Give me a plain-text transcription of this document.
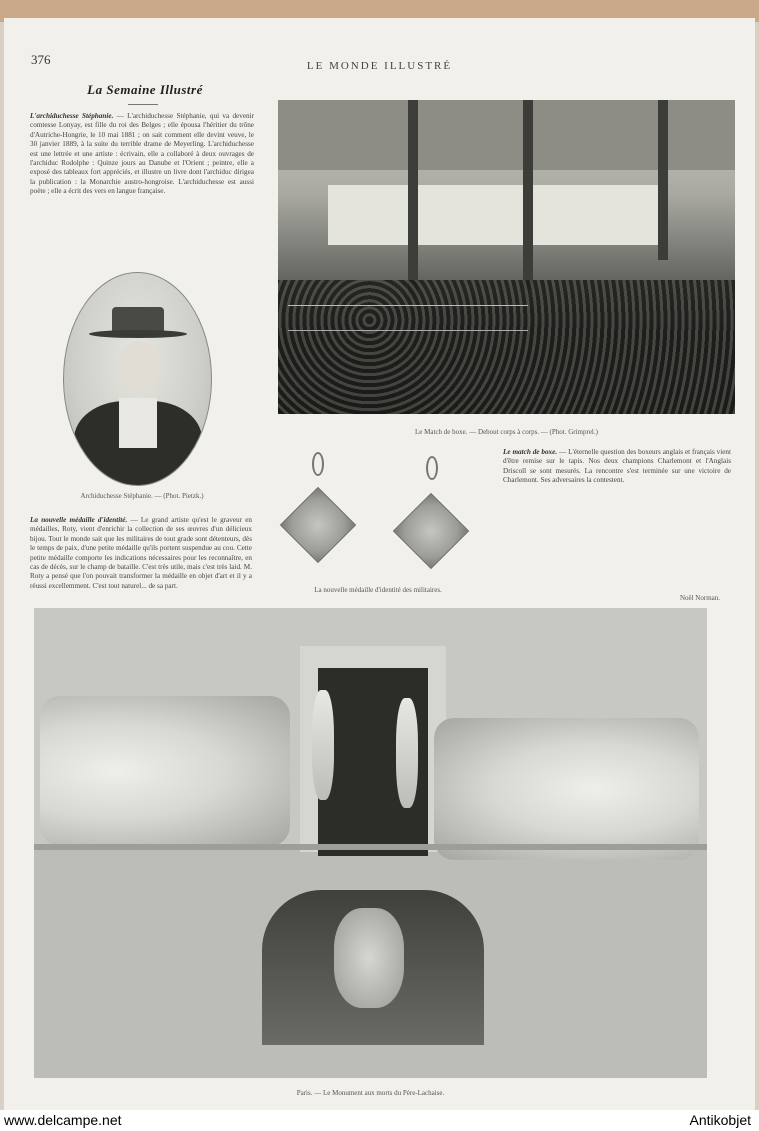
376	LE MONDE ILLUSTRÉ
La Semaine Illustré
L'archiduchesse Stéphanie. — L'archiduchesse Stéphanie, qui va devenir comtesse Lonyay, est fille du roi des Belges ; elle épousa l'héritier du trône d'Autriche-Hongrie, le 10 mai 1881 ; on sait comment elle devint veuve, le 30 janvier 1889, à la suite du terrible drame de Meyerling. L'archiduchesse est une lettrée et une artiste : écrivain, elle a collaboré à deux ouvrages de l'archiduc Rodolphe : Quinze jours au Danube et l'Orient ; peintre, elle a exposé des tableaux fort appréciés, et illustre un livre dont l'archiduc dirigea la publication : la Monarchie austro-hongroise. L'archiduchesse est aussi poète ; elle a écrit des vers en langue française.
Le Match de boxe. — Debout corps à corps. — (Phot. Grimprel.)
Archiduchesse Stéphanie. — (Phot. Pietzk.)
La nouvelle médaille d'identité. — Le grand artiste qu'est le graveur en médailles, Roty, vient d'enrichir la collection de ses œuvres d'un délicieux bijou. Tout le monde sait que les militaires de tout grade sont détenteurs, dès le temps de paix, d'une petite médaille qu'ils portent suspendue au cou. Cette petite médaille comporte les indications nécessaires pour les reconnaître, en cas de décès, sur le champ de bataille. C'est très utile, mais c'est très laid. M. Roty a pensé que l'on pouvait transformer la médaille en objet d'art et il y a réussi excellemment. C'est tout naturel... de sa part.
La nouvelle médaille d'identité des militaires.
Le match de boxe. — L'éternelle question des boxeurs anglais et français vient d'être remise sur le tapis. Nos deux champions Charlemont et l'Anglais Driscoll se sont mesurés. La rencontre s'est terminée sur une victoire de Charlemont. Ses adversaires la contestent.
Noël Norman.
Paris. — Le Monument aux morts du Père-Lachaise.
www.delcampe.net	Antikobjet
